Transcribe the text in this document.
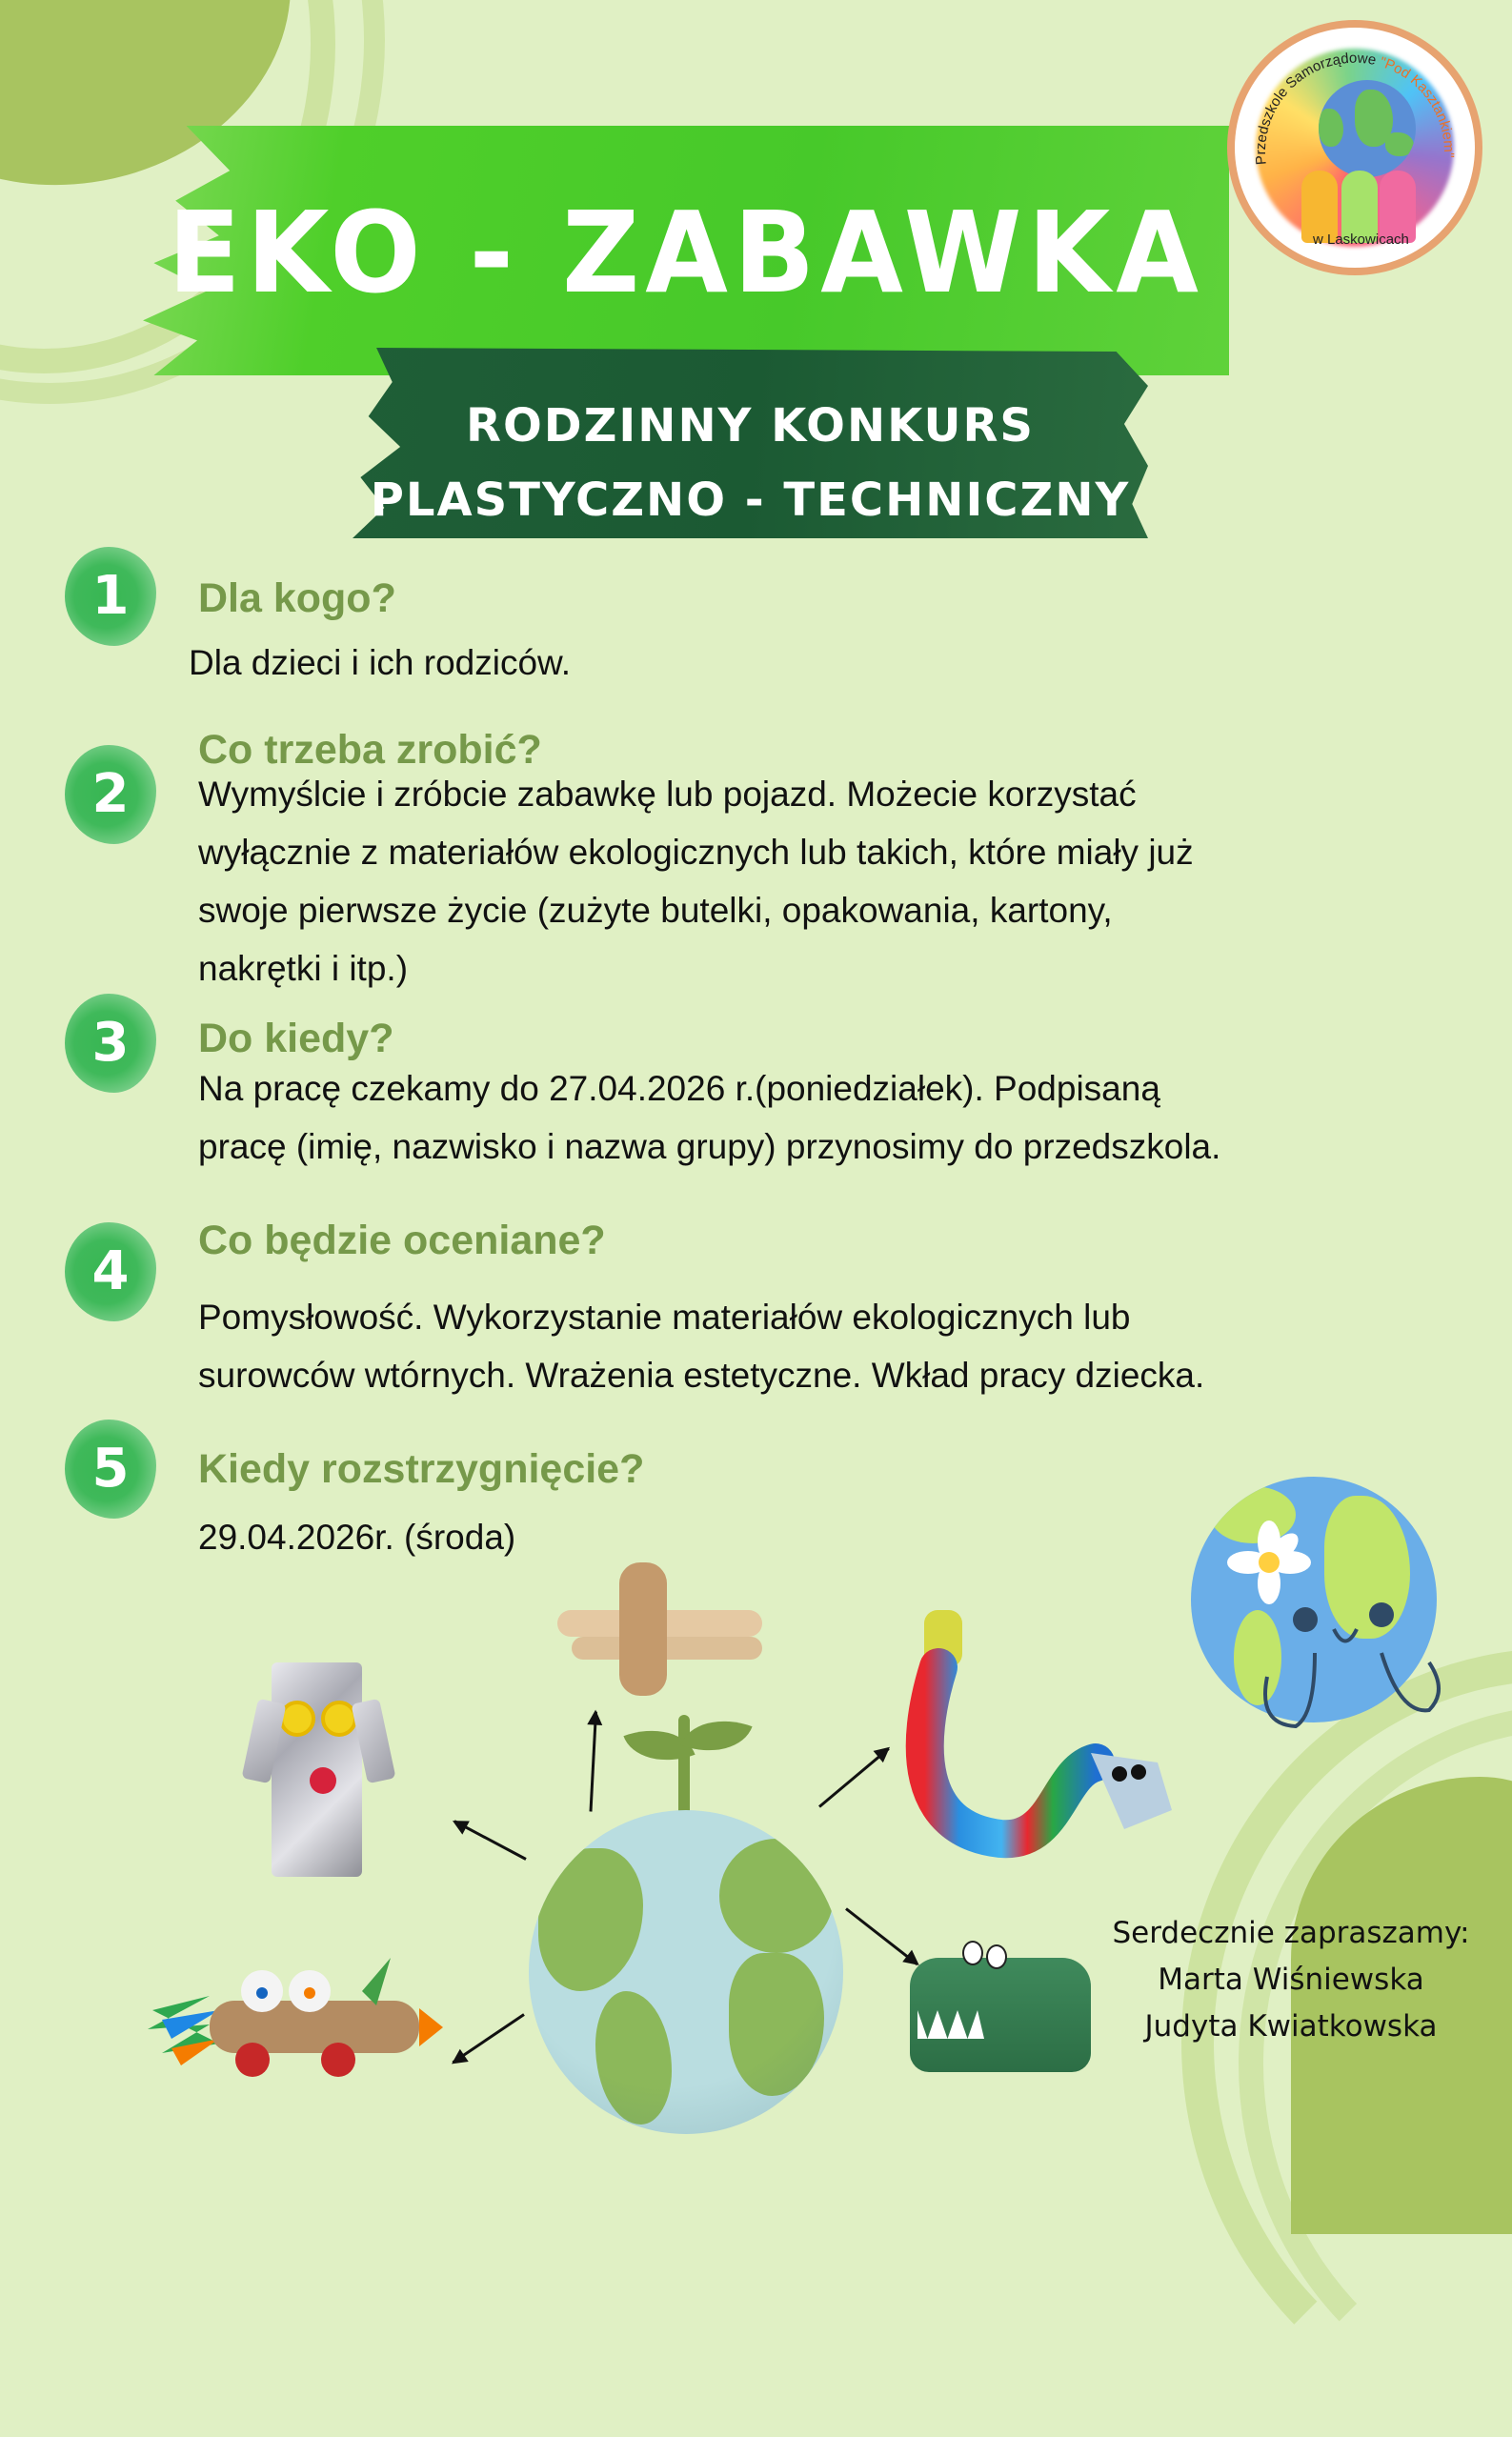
EKO - ZABAWKA
RODZINNY KONKURS
PLASTYCZNO - TECHNICZNY
Przedszkole Samorządowe "Pod Kasztankiem"
w Laskowicach
1	Dla kogo?
Dla dzieci i ich rodziców.
2
Co trzeba zrobić?
Wymyślcie i zróbcie zabawkę lub pojazd. Możecie korzystać
wyłącznie z materiałów ekologicznych lub takich, które miały już
swoje pierwsze życie (zużyte butelki, opakowania, kartony,
nakrętki i itp.)
3	Do kiedy?
Na pracę czekamy do 27.04.2026 r.(poniedziałek). Podpisaną
pracę (imię, nazwisko i nazwa grupy) przynosimy do przedszkola.
4	Co będzie oceniane?
Pomysłowość. Wykorzystanie materiałów ekologicznych lub
surowców wtórnych. Wrażenia estetyczne. Wkład pracy dziecka.
5	Kiedy rozstrzygnięcie?
29.04.2026r. (środa)
Serdecznie zapraszamy:
Marta Wiśniewska
Judyta Kwiatkowska
